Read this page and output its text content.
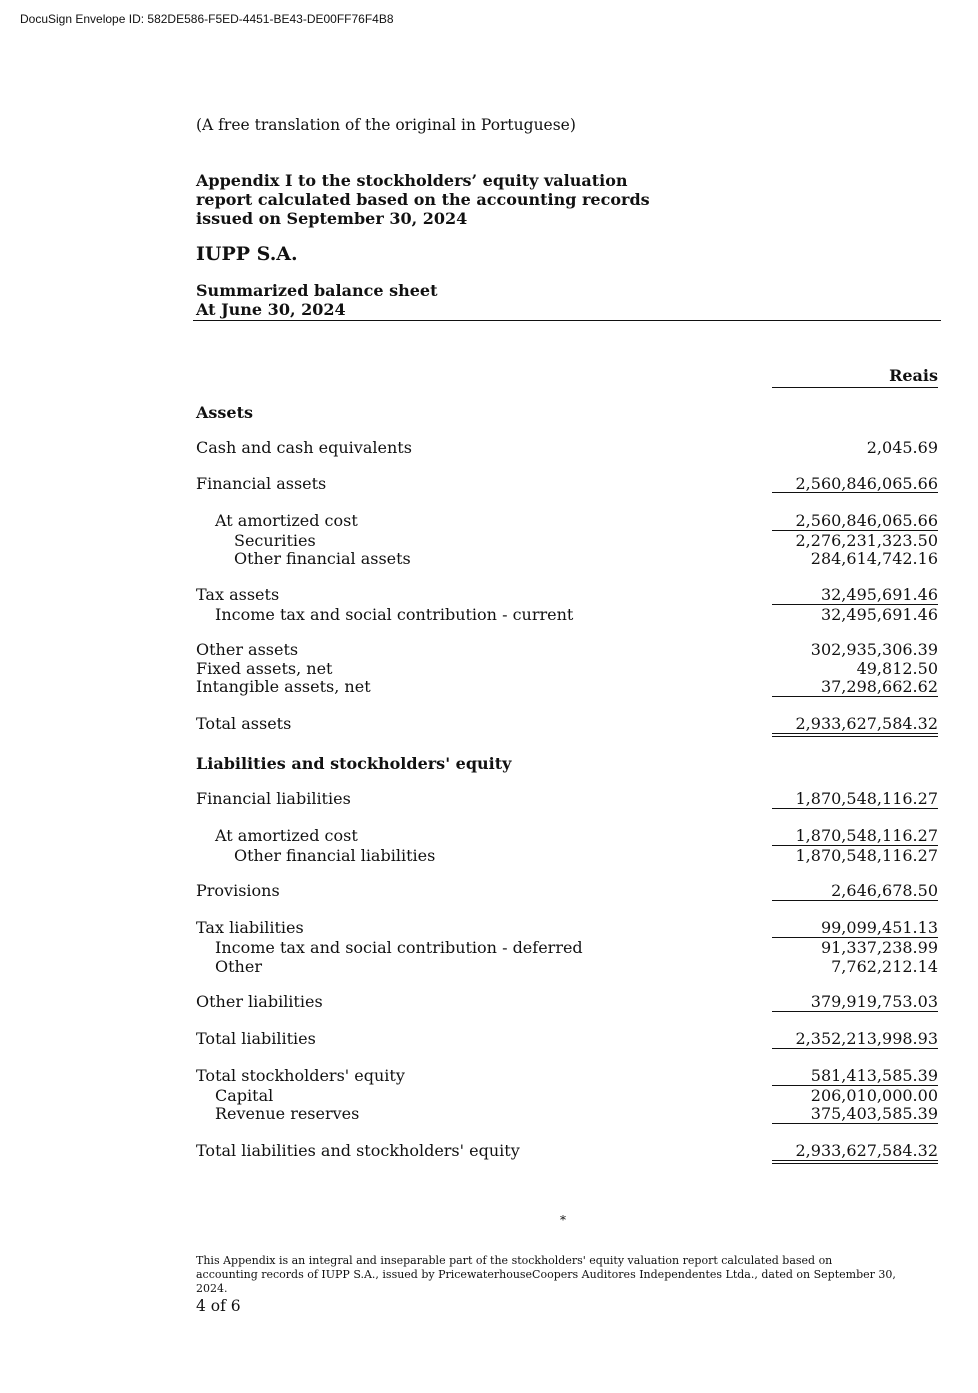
DocuSign Envelope ID: 582DE586-F5ED-4451-BE43-DE00FF76F4B8
(A free translation of the original in Portuguese)
Appendix I to the stockholders’ equity valuation report calculated based on the accounting records issued on September 30, 2024
IUPP S.A.
Summarized balance sheet
At June 30, 2024
Reais
Assets
Cash and cash equivalents	2,045.69
Financial assets	2,560,846,065.66
At amortized cost	2,560,846,065.66
Securities	2,276,231,323.50
Other financial assets	284,614,742.16
Tax assets	32,495,691.46
Income tax and social contribution - current	32,495,691.46
Other assets	302,935,306.39
Fixed assets, net	49,812.50
Intangible assets, net	37,298,662.62
Total assets	2,933,627,584.32
Liabilities and stockholders' equity
Financial liabilities	1,870,548,116.27
At amortized cost	1,870,548,116.27
Other financial liabilities	1,870,548,116.27
Provisions	2,646,678.50
Tax liabilities	99,099,451.13
Income tax and social contribution - deferred	91,337,238.99
Other	7,762,212.14
Other liabilities	379,919,753.03
Total liabilities	2,352,213,998.93
Total stockholders' equity	581,413,585.39
Capital	206,010,000.00
Revenue reserves	375,403,585.39
Total liabilities and stockholders' equity	2,933,627,584.32
*
This Appendix is an integral and inseparable part of the stockholders' equity valuation report calculated based on accounting records of IUPP S.A., issued by PricewaterhouseCoopers Auditores Independentes Ltda., dated on September 30, 2024.
4 of 6
